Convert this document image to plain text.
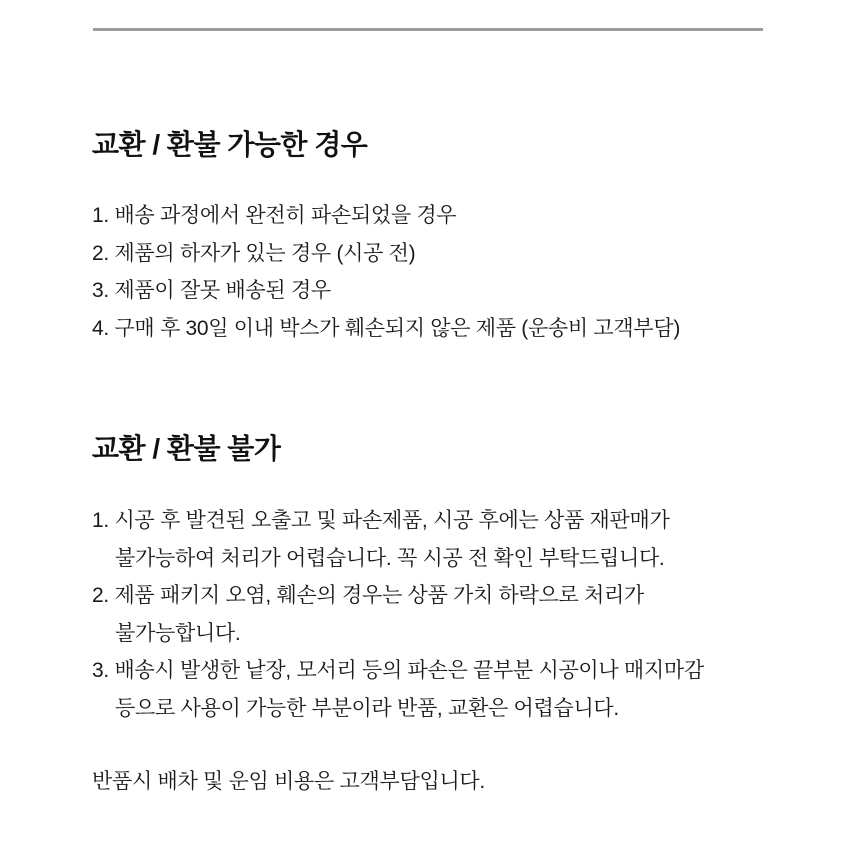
교환 / 환불 가능한 경우
1. 배송 과정에서 완전히 파손되었을 경우
2. 제품의 하자가 있는 경우 (시공 전)
3. 제품이 잘못 배송된 경우
4. 구매 후 30일 이내 박스가 훼손되지 않은 제품 (운송비 고객부담)
교환 / 환불 불가
1. 시공 후 발견된 오출고 및 파손제품, 시공 후에는 상품 재판매가
불가능하여 처리가 어렵습니다. 꼭 시공 전 확인 부탁드립니다.
2. 제품 패키지 오염, 훼손의 경우는 상품 가치 하락으로 처리가
불가능합니다.
3. 배송시 발생한 낱장, 모서리 등의 파손은 끝부분 시공이나 매지마감
등으로 사용이 가능한 부분이라 반품, 교환은 어렵습니다.
반품시 배차 및 운임 비용은 고객부담입니다.
